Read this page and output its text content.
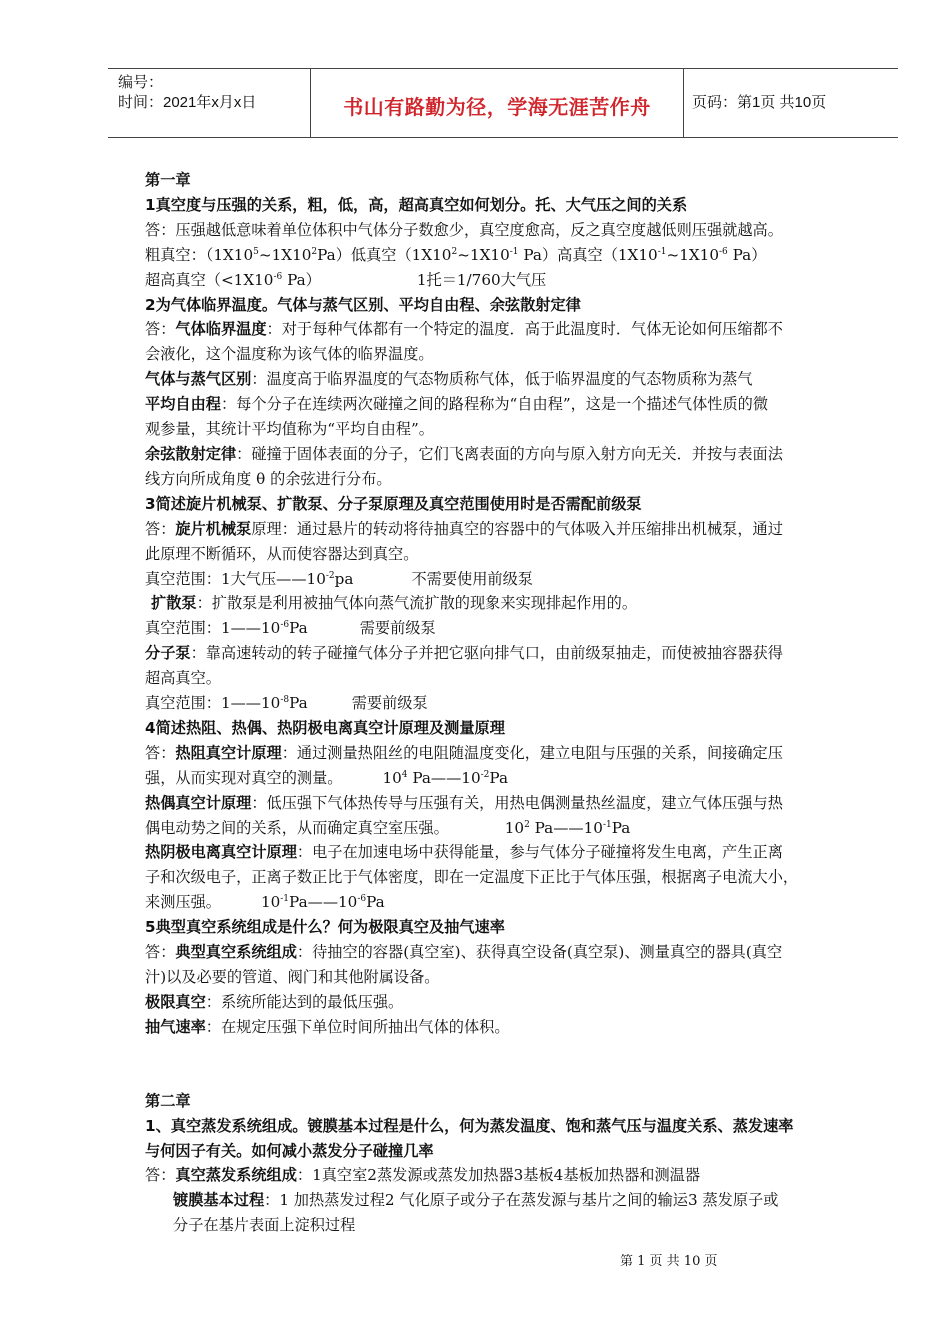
编号：
时间：2021年x月x日	书山有路勤为径，学海无涯苦作舟	页码：第1页 共10页

第一章

1真空度与压强的关系，粗，低，高，超高真空如何划分。托、大气压之间的关系

答：压强越低意味着单位体积中气体分子数愈少，真空度愈高，反之真空度越低则压强就越高。

粗真空：$(1X10^5\sim 1X10^2Pa)$低真空（$1X10^2\sim 1X10^{-1}$ Pa）高真空（$1X10^{-1}\sim 1X10^{-6}$ Pa）

超高真空（$<1X10^{-6}$ Pa）	1托＝1/760大气压

2为气体临界温度。气体与蒸气区别、平均自由程、余弦散射定律

答：气体临界温度：对于每种气体都有一个特定的温度．高于此温度时．气体无论如何压缩都不

会液化，这个温度称为该气体的临界温度。

气体与蒸气区别：温度高于临界温度的气态物质称气体，低于临界温度的气态物质称为蒸气

平均自由程：每个分子在连续两次碰撞之间的路程称为“自由程”，这是一个描述气体性质的微

观参量，其统计平均值称为“平均自由程”。

余弦散射定律：碰撞于固体表面的分子，它们飞离表面的方向与原入射方向无关．并按与表面法

线方向所成角度 θ 的余弦进行分布。

3简述旋片机械泵、扩散泵、分子泵原理及真空范围使用时是否需配前级泵

答：旋片机械泵原理：通过悬片的转动将待抽真空的容器中的气体吸入并压缩排出机械泵，通过

此原理不断循环，从而使容器达到真空。

真空范围：1大气压$——10^{-2}pa$	不需要使用前级泵

扩散泵：扩散泵是利用被抽气体向蒸气流扩散的现象来实现排起作用的。

真空范围：$1——10^{-6}Pa$	需要前级泵

分子泵：靠高速转动的转子碰撞气体分子并把它驱向排气口，由前级泵抽走，而使被抽容器获得

超高真空。

真空范围：$1——10^{-8}Pa$	需要前级泵

4简述热阻、热偶、热阴极电离真空计原理及测量原理

答：热阻真空计原理：通过测量热阻丝的电阻随温度变化，建立电阻与压强的关系，间接确定压

强，从而实现对真空的测量。	$10^4$ $Pa——10^{-2}Pa$

热偶真空计原理：低压强下气体热传导与压强有关，用热电偶测量热丝温度，建立气体压强与热

偶电动势之间的关系，从而确定真空室压强。	$10^2$ $Pa——10^{-1}Pa$

热阴极电离真空计原理：电子在加速电场中获得能量，参与气体分子碰撞将发生电离，产生正离

子和次级电子，正离子数正比于气体密度，即在一定温度下正比于气体压强，根据离子电流大小，

来测压强。	$10^{-1}Pa——10^{-6}Pa$

5典型真空系统组成是什么？何为极限真空及抽气速率

答：典型真空系统组成：待抽空的容器(真空室)、获得真空设备(真空泵)、测量真空的器具(真空

汁)以及必要的管道、阀门和其他附属设备。

极限真空：系统所能达到的最低压强。

抽气速率：在规定压强下单位时间所抽出气体的体积。

第二章

1、真空蒸发系统组成。镀膜基本过程是什么，何为蒸发温度、饱和蒸气压与温度关系、蒸发速率

与何因子有关。如何减小蒸发分子碰撞几率

答：真空蒸发系统组成：1真空室2蒸发源或蒸发加热器3基板4基板加热器和测温器

镀膜基本过程：1 加热蒸发过程2 气化原子或分子在蒸发源与基片之间的输运3 蒸发原子或

分子在基片表面上淀积过程

第 1 页 共 10 页
